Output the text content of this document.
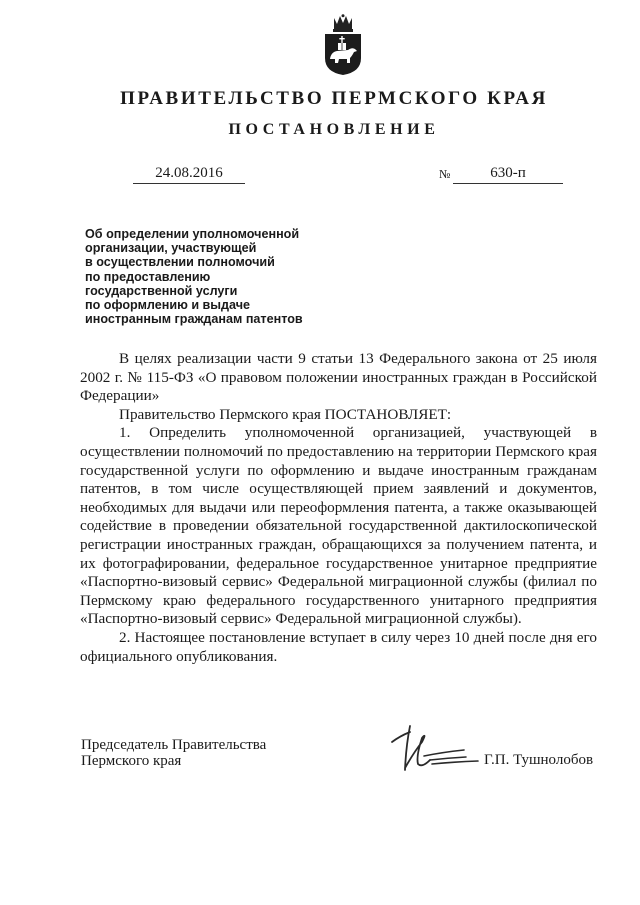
ПРАВИТЕЛЬСТВО ПЕРМСКОГО КРАЯ
ПОСТАНОВЛЕНИЕ
24.08.2016	№	630-п
Об определении уполномоченной
организации, участвующей
в осуществлении полномочий
по предоставлению
государственной услуги
по оформлению и выдаче
иностранным гражданам патентов

В целях реализации части 9 статьи 13 Федерального закона от 25 июля 2002 г. № 115-ФЗ «О правовом положении иностранных граждан в Российской Федерации»

Правительство Пермского края ПОСТАНОВЛЯЕТ:

1. Определить уполномоченной организацией, участвующей в осуществлении полномочий по предоставлению на территории Пермского края государственной услуги по оформлению и выдаче иностранным гражданам патентов, в том числе осуществляющей прием заявлений и документов, необходимых для выдачи или переоформления патента, а также оказывающей содействие в проведении обязательной государственной дактилоскопической регистрации иностранных граждан, обращающихся за получением патента, и их фотографировании, федеральное государственное унитарное предприятие «Паспортно-визовый сервис» Федеральной миграционной службы (филиал по Пермскому краю федерального государственного унитарного предприятия «Паспортно-визовый сервис» Федеральной миграционной службы).

2. Настоящее постановление вступает в силу через 10 дней после дня его официального опубликования.

Председатель Правительства
Пермского края	Г.П. Тушнолобов
